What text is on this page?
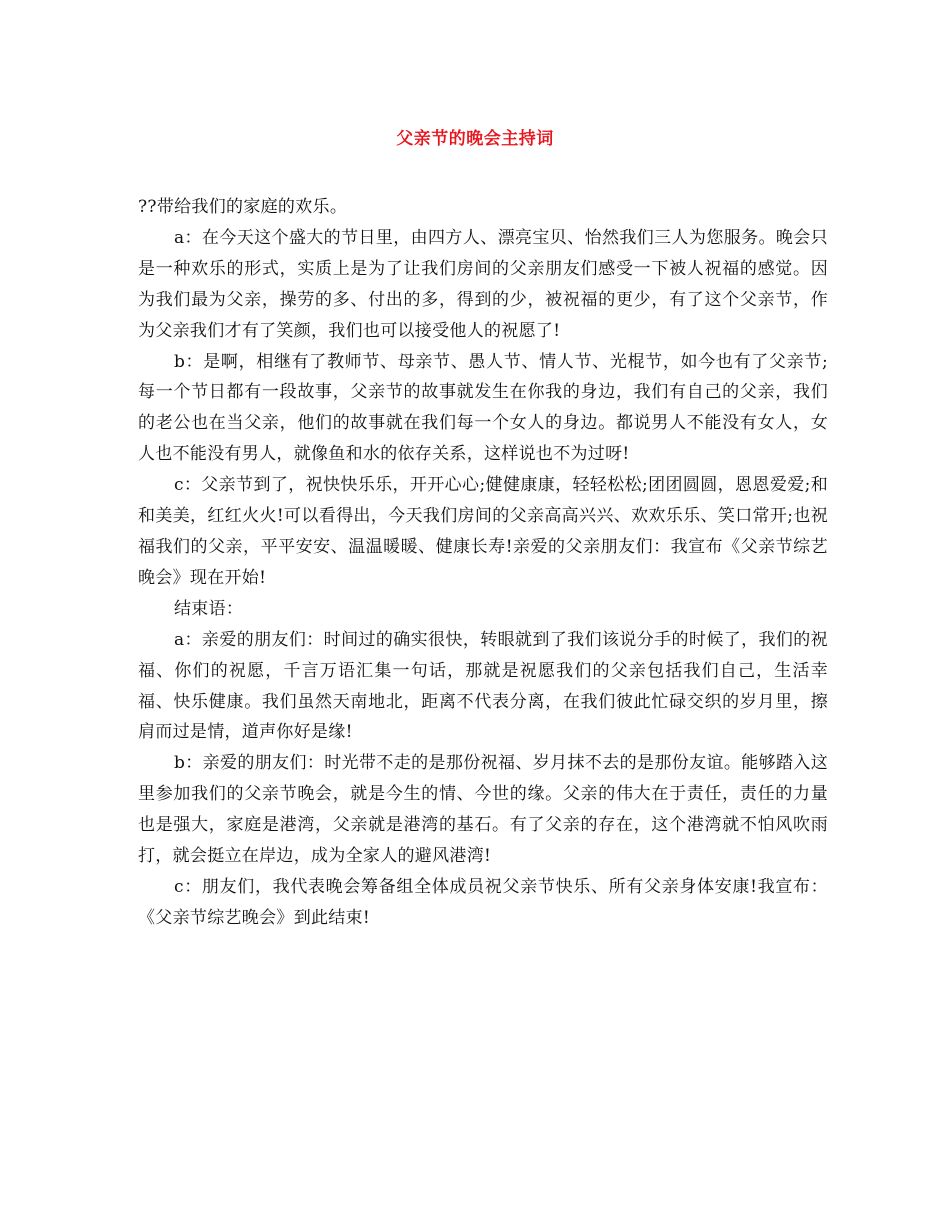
父亲节的晚会主持词

??带给我们的家庭的欢乐。

a：在今天这个盛大的节日里，由四方人、漂亮宝贝、怡然我们三人为您服务。晚会只是一种欢乐的形式，实质上是为了让我们房间的父亲朋友们感受一下被人祝福的感觉。因为我们最为父亲，操劳的多、付出的多，得到的少，被祝福的更少，有了这个父亲节，作为父亲我们才有了笑颜，我们也可以接受他人的祝愿了!

b：是啊，相继有了教师节、母亲节、愚人节、情人节、光棍节，如今也有了父亲节;每一个节日都有一段故事，父亲节的故事就发生在你我的身边，我们有自己的父亲，我们的老公也在当父亲，他们的故事就在我们每一个女人的身边。都说男人不能没有女人，女人也不能没有男人，就像鱼和水的依存关系，这样说也不为过呀!

c：父亲节到了，祝快快乐乐，开开心心;健健康康，轻轻松松;团团圆圆，恩恩爱爱;和和美美，红红火火!可以看得出，今天我们房间的父亲高高兴兴、欢欢乐乐、笑口常开;也祝福我们的父亲，平平安安、温温暖暖、健康长寿!亲爱的父亲朋友们：我宣布《父亲节综艺晚会》现在开始!

结束语：

a：亲爱的朋友们：时间过的确实很快，转眼就到了我们该说分手的时候了，我们的祝福、你们的祝愿，千言万语汇集一句话，那就是祝愿我们的父亲包括我们自己，生活幸福、快乐健康。我们虽然天南地北，距离不代表分离，在我们彼此忙碌交织的岁月里，擦肩而过是情，道声你好是缘!

b：亲爱的朋友们：时光带不走的是那份祝福、岁月抹不去的是那份友谊。能够踏入这里参加我们的父亲节晚会，就是今生的情、今世的缘。父亲的伟大在于责任，责任的力量也是强大，家庭是港湾，父亲就是港湾的基石。有了父亲的存在，这个港湾就不怕风吹雨打，就会挺立在岸边，成为全家人的避风港湾!

c：朋友们，我代表晚会筹备组全体成员祝父亲节快乐、所有父亲身体安康!我宣布：《父亲节综艺晚会》到此结束!
